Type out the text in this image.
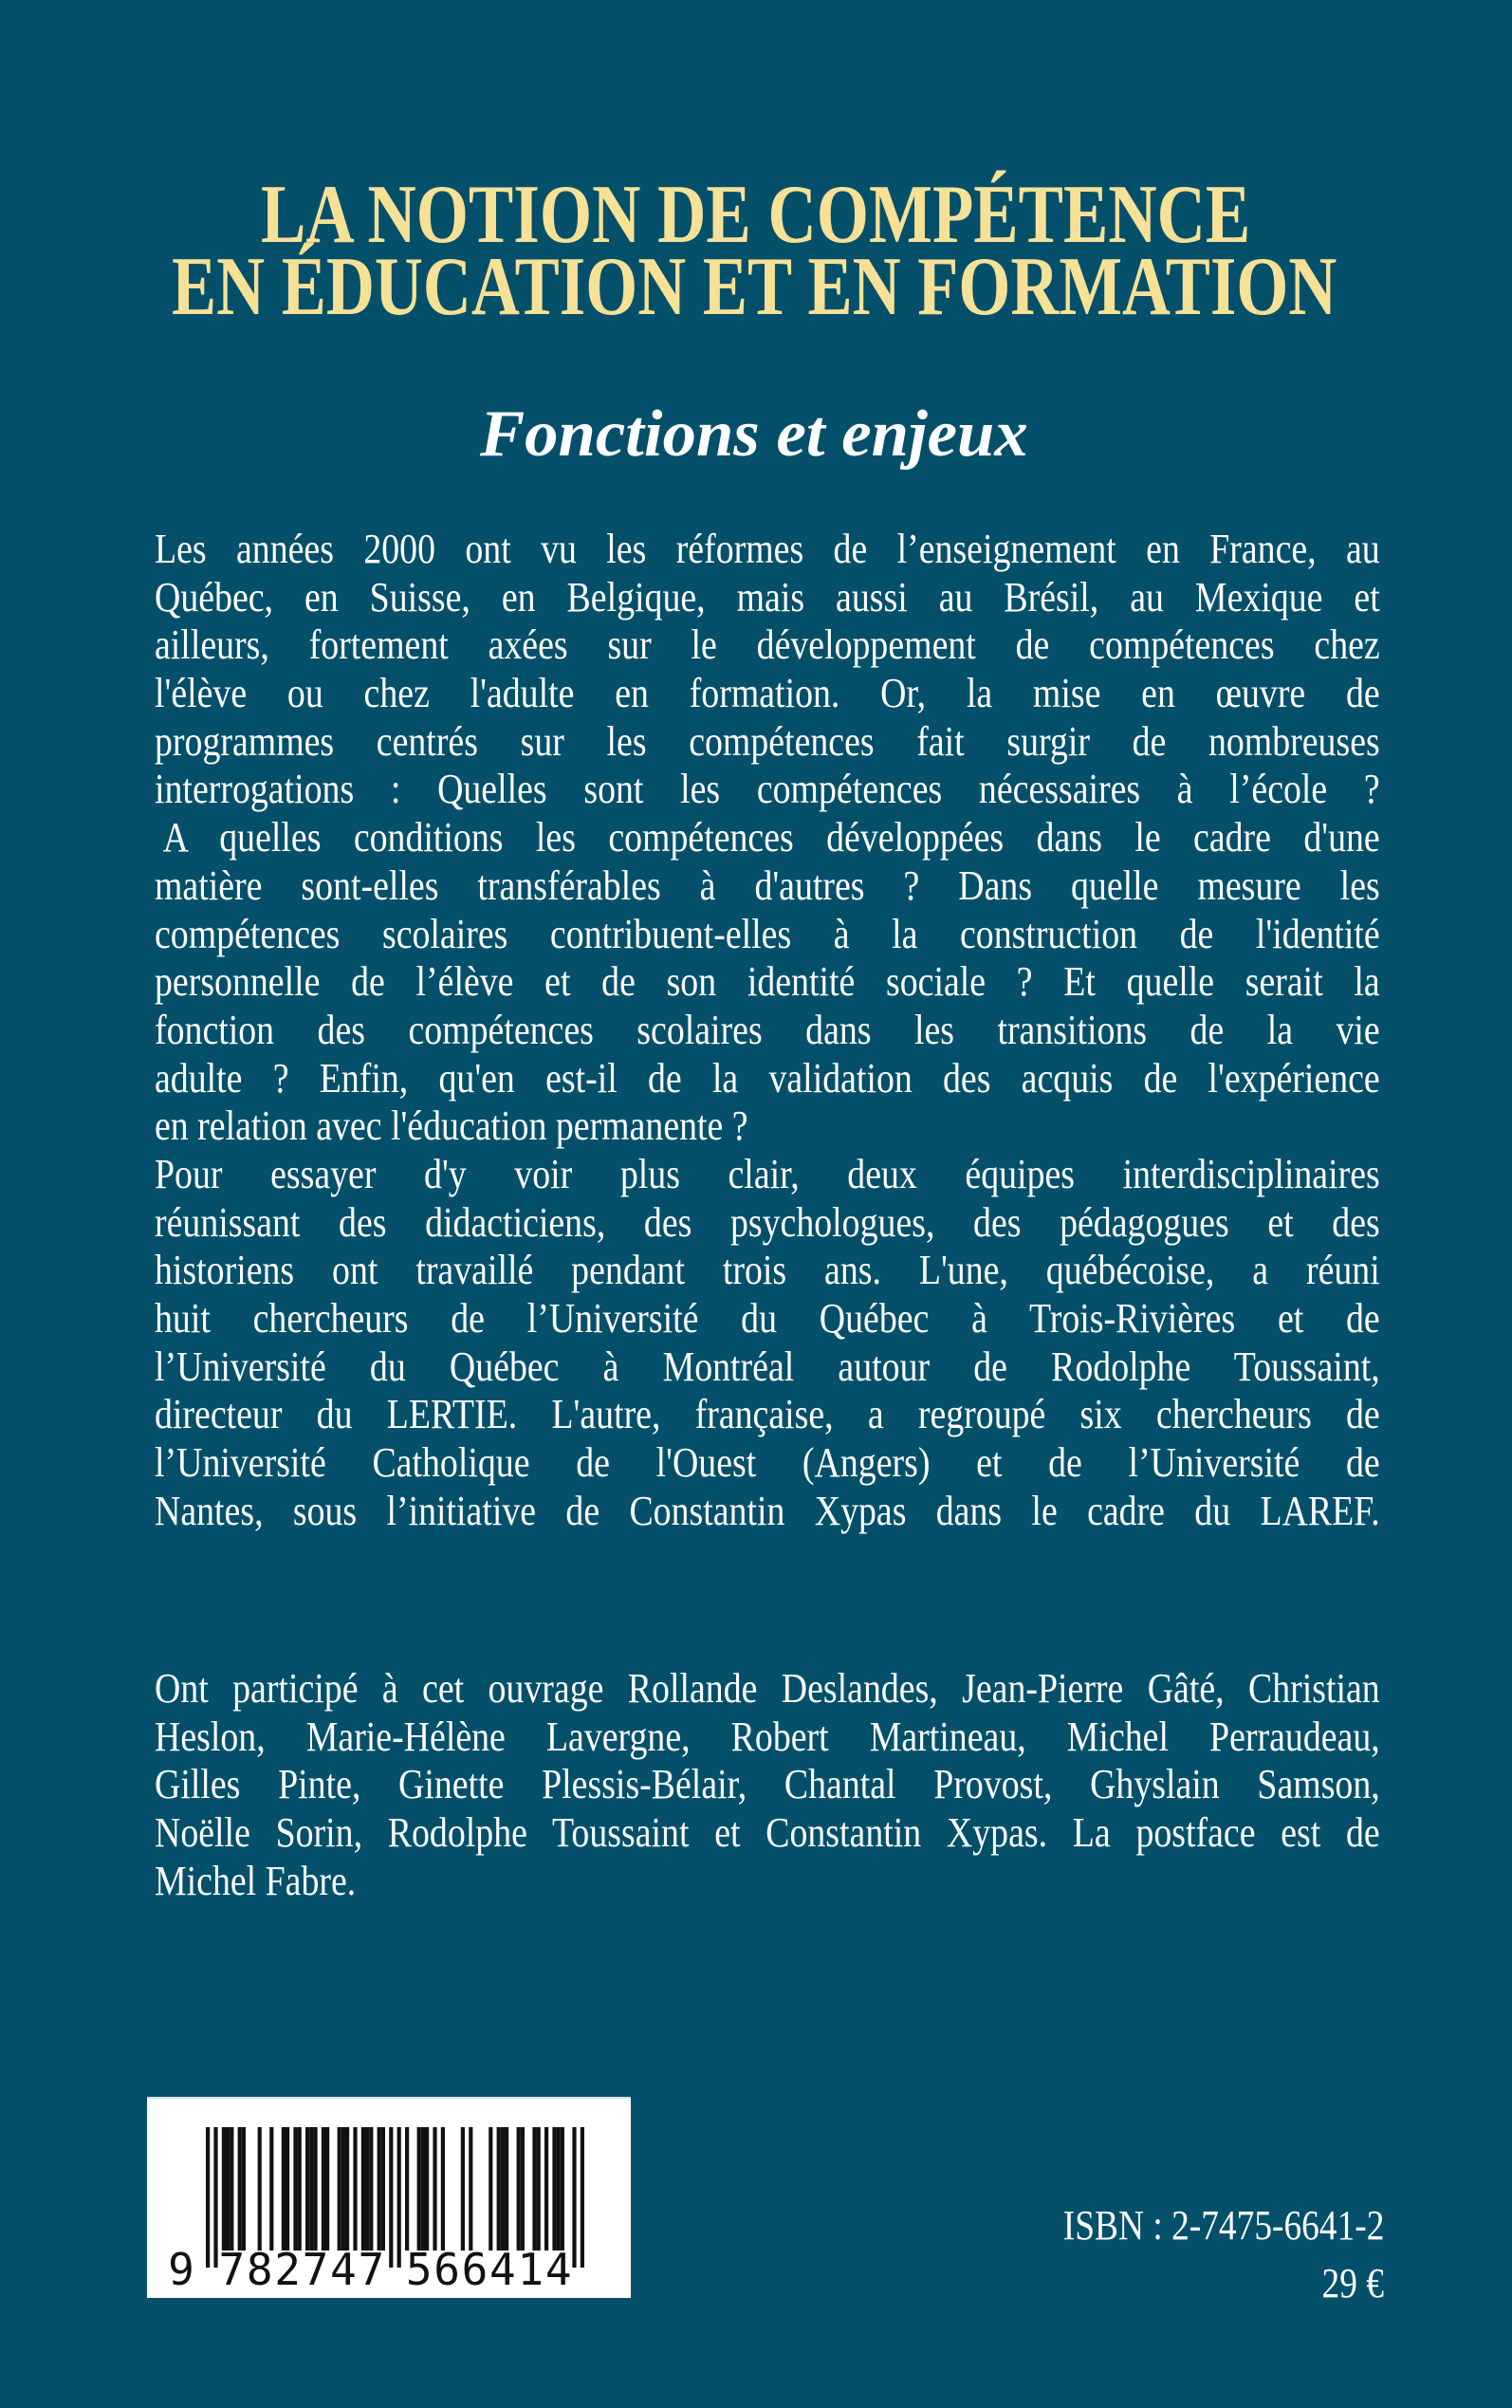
LA NOTION DE COMPÉTENCE
EN ÉDUCATION ET EN FORMATION
Fonctions et enjeux
Les années 2000 ont vu les réformes de l’enseignement en France, au
Québec, en Suisse, en Belgique, mais aussi au Brésil, au Mexique et
ailleurs, fortement axées sur le développement de compétences chez
l'élève ou chez l'adulte en formation. Or, la mise en œuvre de
programmes centrés sur les compétences fait surgir de nombreuses
interrogations : Quelles sont les compétences nécessaires à l’école ?
A quelles conditions les compétences développées dans le cadre d'une
matière sont-elles transférables à d'autres ? Dans quelle mesure les
compétences scolaires contribuent-elles à la construction de l'identité
personnelle de l’élève et de son identité sociale ? Et quelle serait la
fonction des compétences scolaires dans les transitions de la vie
adulte ? Enfin, qu'en est-il de la validation des acquis de l'expérience
en relation avec l'éducation permanente ?
Pour essayer d'y voir plus clair, deux équipes interdisciplinaires
réunissant des didacticiens, des psychologues, des pédagogues et des
historiens ont travaillé pendant trois ans. L'une, québécoise, a réuni
huit chercheurs de l’Université du Québec à Trois-Rivières et de
l’Université du Québec à Montréal autour de Rodolphe Toussaint,
directeur du LERTIE. L'autre, française, a regroupé six chercheurs de
l’Université Catholique de l'Ouest (Angers) et de l’Université de
Nantes, sous l’initiative de Constantin Xypas dans le cadre du LAREF.
Ont participé à cet ouvrage Rollande Deslandes, Jean-Pierre Gâté, Christian
Heslon, Marie-Hélène Lavergne, Robert Martineau, Michel Perraudeau,
Gilles Pinte, Ginette Plessis-Bélair, Chantal Provost, Ghyslain Samson,
Noëlle Sorin, Rodolphe Toussaint et Constantin Xypas. La postface est de
Michel Fabre.
9 7 8 2 7 4 7 5 6 6 4 1 4
ISBN : 2-7475-6641-2
29 €
